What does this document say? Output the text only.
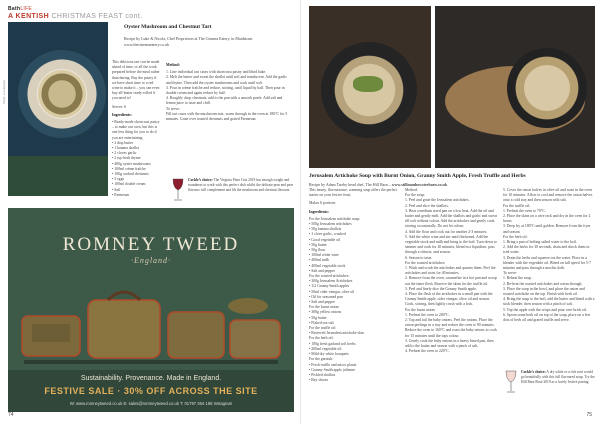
BathLIFE
A KENTISH CHRISTMAS FEAST cont.
Photo: Jo Carpenter
Oyster Mushroom and Chestnut Tart
Recipe by Luke & Nicola, Chef Proprietors at The Cinema Eatery, in Maidstone. www.thecinemaeatery.co.uk

This delicious tart can be made ahead of time, or all the work prepared before the meal rather than during. Bay the pastry if we have short time or a red wine to make it – you can even buy all-butter ready-rolled if you need to!

Serves: 6

Ingredients:
• Ready-made shortcrust pastry – to make our own, but this is one less thing for you to do if you are entertaining
• 2 tbsp butter
• 1 banana shallot
• 2 cloves garlic
• 2 tsp fresh thyme
• 400g oyster mushrooms
• 100ml crème fraîche
• 100g cooked chestnuts
• 3 eggs
• 100ml double cream
• Salt
• Parmesan
Method:
1. Line individual tart cases with shortcrust pastry and blind bake.
2. Melt the butter and sweat the shallot until soft and translucent. Add the garlic and thyme. Then add the oyster mushrooms and cook until soft.
3. Pour in crème fraîche and reduce, stirring, until liquid by half. Then pour in double cream and again reduce by half.
4. Roughly chop chestnuts, add to the pan with a smooth purée. Add salt and lemon juice to taste and chill.
To serve:
Fill tart cases with the mushroom mix, warm through in the oven at 180°C for 5 minutes. Grate over toasted chestnuts and grated Parmesan.
Cockle’s choice: The Virginia Pinot Gris 2019 has enough weight and roundness to work with this perfect dish whilst the delicate pear and pear flavours will complement and lift the mushroom and chestnut flavours.
ROMNEY TWEED
·England·
Sustainability. Provenance. Made in England.
FESTIVE SALE · 30% OFF ACROSS THE SITE
W: www.romneytweed.co.uk E: sales@romneytweed.co.uk T: 01797 364 198 Instagram
74
Jerusalem Artichoke Soup with Burnt Onion, Granny Smith Apple, Fresh Truffle and Herbs
Recipe by Adam Tarrby head chef, The Hill Barn – www.stillmanhowsterbarn.co.uk

This hearty, flavoursome, warming soup offers the perfect starter on your festive feast.

Makes 6 portions

Ingredients:
For the Jerusalem artichoke soup:
• 500g Jerusalem artichokes
• 50g banana shallots
• 1 clove garlic, crushed
• Good vegetable oil
• 50g butter
• 50g flour
• 100ml white wine
• 400ml milk
• 400ml vegetable stock
• Salt and pepper
For the roasted artichokes:
• 300g Jerusalem Artichokes
• 1/2 Granny Smith apples
• 50ml cider vinegar, olive oil
• Oil for seasoned pan
• Salt and pepper
For the burnt onion:
• 300g yellow onions
• 50g butter
• Flaked sea salt
For the truffle oil:
• Reserved Jerusalem artichoke skin
For the herb oil:
• 100g fresh garland soft herbs
• 200ml vegetable oil
• Mild dry white bouquets
For the garnish:
• Fresh truffle and micro plants
• Granny Smith apple julienne
• Pickled shallots
• Bay shoots
Method:
For the soup:
1. Peel and grate the Jerusalem artichokes.
2. Peel and slice the shallots.
3. Heat a medium sized pan on a low heat. Add the oil and butter and gently melt. Add the shallots and garlic and sweat till soft without colour. Add the artichokes and gently cook stirring occasionally. Do not let colour.
4. Add the flour and cook out for another 2-3 minutes.
5. Add the white wine and stir until thickened. Add the vegetable stock and milk and bring to the boil. Turn down to simmer and cook for 20 minutes, blend in a liquidiser, pass through a chinois, and season.
6. Season to taste.
For the roasted artichokes:
1. Wash and scrub the artichokes and quarter them. Peel the artichokes and roast for 40 minutes.
2. Remove from the oven, caramelise in a hot pan and scoop out the inner flesh. Reserve the skins for the truffle oil.
3. Peel and finely dice the Granny Smith apple.
4. Place the flesh of the artichokes in a small pan with the Granny Smith apple, cider vinegar, olive oil and season. Cook, stirring, then lightly crush with a fork.
For the burnt onion:
1. Preheat the oven to 200°C.
2. Top and tail the baby onions. Peel the onions. Place the onion peelings in a tray and reduce the oven to 90 minutes. Reduce the oven to 160°C and roast the baby onions to cook for 15 minutes until the tops colour.
3. Gently cook the baby onions in a heavy based pan, then add to the butter and season with a pinch of salt.
4. Preheat the oven to 220°C.
5. Cover the onion halves in olive oil and roast in the oven for 10 minutes. Allow to cool and remove the onion halves onto a cold tray and then season with salt.
For the truffle oil:
1. Preheat the oven to 70°C.
2. Place the skins on a wire rack and dry in the oven for 2 hours.
3. Deep fry at 180°C until golden. Remove from the fryer and season.
For the herb oil:
1. Bring a pan of boiling salted water to the boil.
2. Add the herbs for 30 seconds, drain and shock them in iced water.
3. Drain the herbs and squeeze out the water. Place in a blender with the vegetable oil. Blend on full speed for 5-7 minutes and pass through a muslin cloth.
To serve:
1. Reheat the soup.
2. Re-heat the roasted artichokes and warm through.
3. Place the soup in the bowl, and place the onion and roasted artichoke on the top. Finish with herb oil.
4. Bring the soup to the boil, add the butter and blend with a stick blender, then season with a pinch of salt.
5. Top the apple with the crisps and pour over brick oil.
6. Spoon some herb oil on top of the soup, place on a few dots of herb oil and grated truffle and serve.
Cockle’s choice: A dry white or a rich rosé would go beautifully with this full flavoured soup. Try the Hill Barn Rosé 2019 as a lovely festive pairing.
75
